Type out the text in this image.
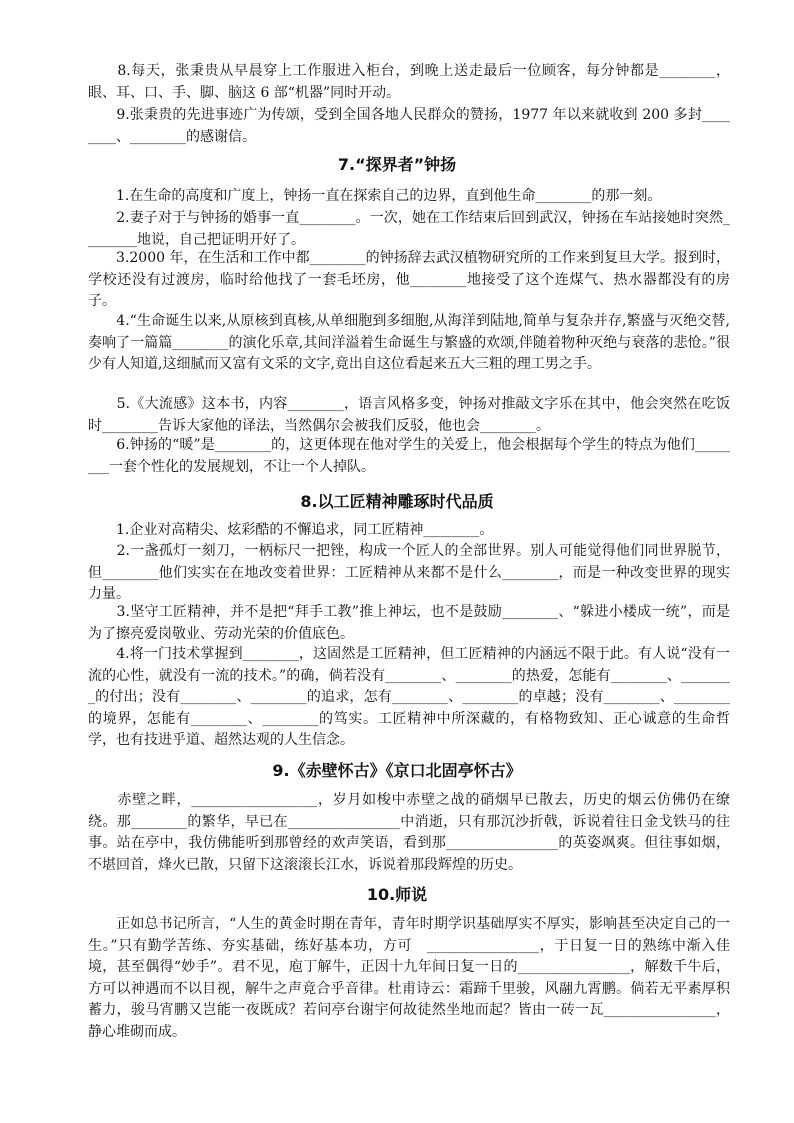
　　8.每天，张秉贵从早晨穿上工作服进入柜台，到晚上送走最后一位顾客，每分钟都是________，眼、耳、口、手、脚、脑这 6 部“机器”同时开动。
　　9.张秉贵的先进事迹广为传颂，受到全国各地人民群众的赞扬，1977 年以来就收到 200 多封________、________的感谢信。
7.“探界者”钟扬
　　1.在生命的高度和广度上，钟扬一直在探索自己的边界，直到他生命________的那一刻。
　　2.妻子对于与钟扬的婚事一直________。一次，她在工作结束后回到武汉，钟扬在车站接她时突然________地说，自己把证明开好了。
　　3.2000 年，在生活和工作中都________的钟扬辞去武汉植物研究所的工作来到复旦大学。报到时，学校还没有过渡房，临时给他找了一套毛坯房，他________地接受了这个连煤气、热水器都没有的房子。
　　4.“生命诞生以来,从原核到真核,从单细胞到多细胞,从海洋到陆地,简单与复杂并存,繁盛与灭绝交替,奏响了一篇篇________的演化乐章,其间洋溢着生命诞生与繁盛的欢颂,伴随着物种灭绝与衰落的悲怆。”很少有人知道,这细腻而又富有文采的文字,竟出自这位看起来五大三粗的理工男之手。
　　5.《大流感》这本书，内容________，语言风格多变，钟扬对推敲文字乐在其中，他会突然在吃饭时________告诉大家他的译法，当然偶尔会被我们反驳，他也会________。
　　6.钟扬的“暖”是________的，这更体现在他对学生的关爱上，他会根据每个学生的特点为他们________一套个性化的发展规划，不让一个人掉队。
8.以工匠精神雕琢时代品质
　　1.企业对高精尖、炫彩酷的不懈追求，同工匠精神________。
　　2.一盏孤灯一刻刀，一柄标尺一把锉，构成一个匠人的全部世界。别人可能觉得他们同世界脱节，但________他们实实在在地改变着世界：工匠精神从来都不是什么________，而是一种改变世界的现实力量。
　　3.坚守工匠精神，并不是把“拜手工教”推上神坛，也不是鼓励________、“躲进小楼成一统”，而是为了擦亮爱岗敬业、劳动光荣的价值底色。
　　4.将一门技术掌握到________，这固然是工匠精神，但工匠精神的内涵远不限于此。有人说“没有一流的心性，就没有一流的技术。”的确，倘若没有________、________的热爱，怎能有________、________的付出；没有________、________的追求，怎有________、________的卓越；没有________、________的境界，怎能有________、________的笃实。工匠精神中所深藏的，有格物致知、正心诚意的生命哲学，也有技进乎道、超然达观的人生信念。
9.《赤壁怀古》《京口北固亭怀古》
　　赤壁之畔，__________________，岁月如梭中赤壁之战的硝烟早已散去，历史的烟云仿佛仍在缭绕。那________的繁华，早已在________________中消逝，只有那沉沙折戟，诉说着往日金戈铁马的往事。站在亭中，我仿佛能听到那曾经的欢声笑语，看到那________________的英姿飒爽。但往事如烟，不堪回首，烽火已散，只留下这滚滚长江水，诉说着那段辉煌的历史。
10.师说
　　正如总书记所言，“人生的黄金时期在青年，青年时期学识基础厚实不厚实，影响甚至决定自己的一生。”只有勤学苦练、夯实基础，练好基本功，方可　________________，于日复一日的熟练中渐入佳境，甚至偶得“妙手”。君不见，庖丁解牛，正因十九年间日复一日的________________，解数千牛后，方可以神遇而不以目视，解牛之声竟合乎音律。杜甫诗云：霜蹄千里骏，风翮九霄鹏。倘若无平素厚积蓄力，骏马宵鹏又岂能一夜既成？若问亭台谢宇何故徒然坐地而起？皆由一砖一瓦________________，静心堆砌而成。
